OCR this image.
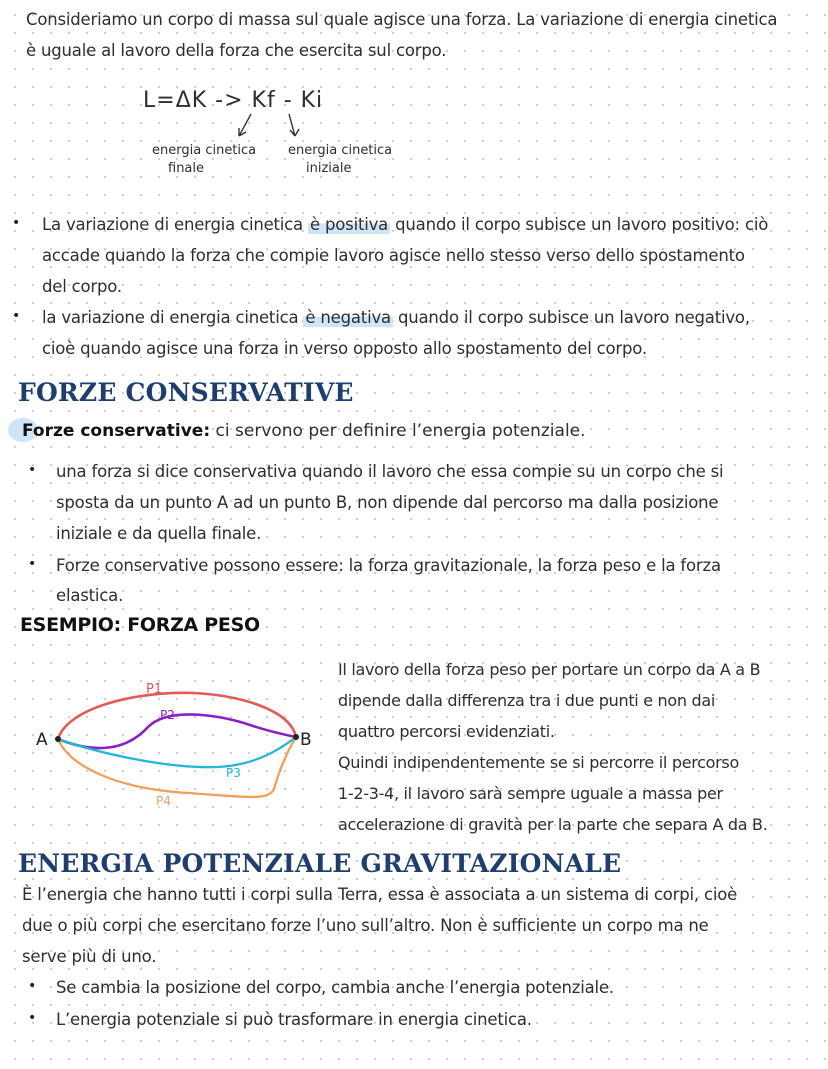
Consideriamo un corpo di massa sul quale agisce una forza. La variazione di energia cinetica
è uguale al lavoro della forza che esercita sul corpo.
L=ΔK -> Kf - Ki
energia cinetica
finale
energia cinetica
iniziale
• La variazione di energia cinetica è positiva quando il corpo subisce un lavoro positivo: ciò
accade quando la forza che compie lavoro agisce nello stesso verso dello spostamento
del corpo.
• la variazione di energia cinetica è negativa quando il corpo subisce un lavoro negativo,
cioè quando agisce una forza in verso opposto allo spostamento del corpo.
FORZE CONSERVATIVE
Forze conservative: ci servono per definire l’energia potenziale.
• una forza si dice conservativa quando il lavoro che essa compie su un corpo che si
sposta da un punto A ad un punto B, non dipende dal percorso ma dalla posizione
iniziale e da quella finale.
• Forze conservative possono essere: la forza gravitazionale, la forza peso e la forza
elastica.
ESEMPIO: FORZA PESO
A	B
P1
P2
P3
P4
Il lavoro della forza peso per portare un corpo da A a B
dipende dalla differenza tra i due punti e non dai
quattro percorsi evidenziati.
Quindi indipendentemente se si percorre il percorso
1-2-3-4, il lavoro sarà sempre uguale a massa per
accelerazione di gravità per la parte che separa A da B.
ENERGIA POTENZIALE GRAVITAZIONALE
È l’energia che hanno tutti i corpi sulla Terra, essa è associata a un sistema di corpi, cioè
due o più corpi che esercitano forze l’uno sull’altro. Non è sufficiente un corpo ma ne
serve più di uno.
• Se cambia la posizione del corpo, cambia anche l’energia potenziale.
• L’energia potenziale si può trasformare in energia cinetica.
